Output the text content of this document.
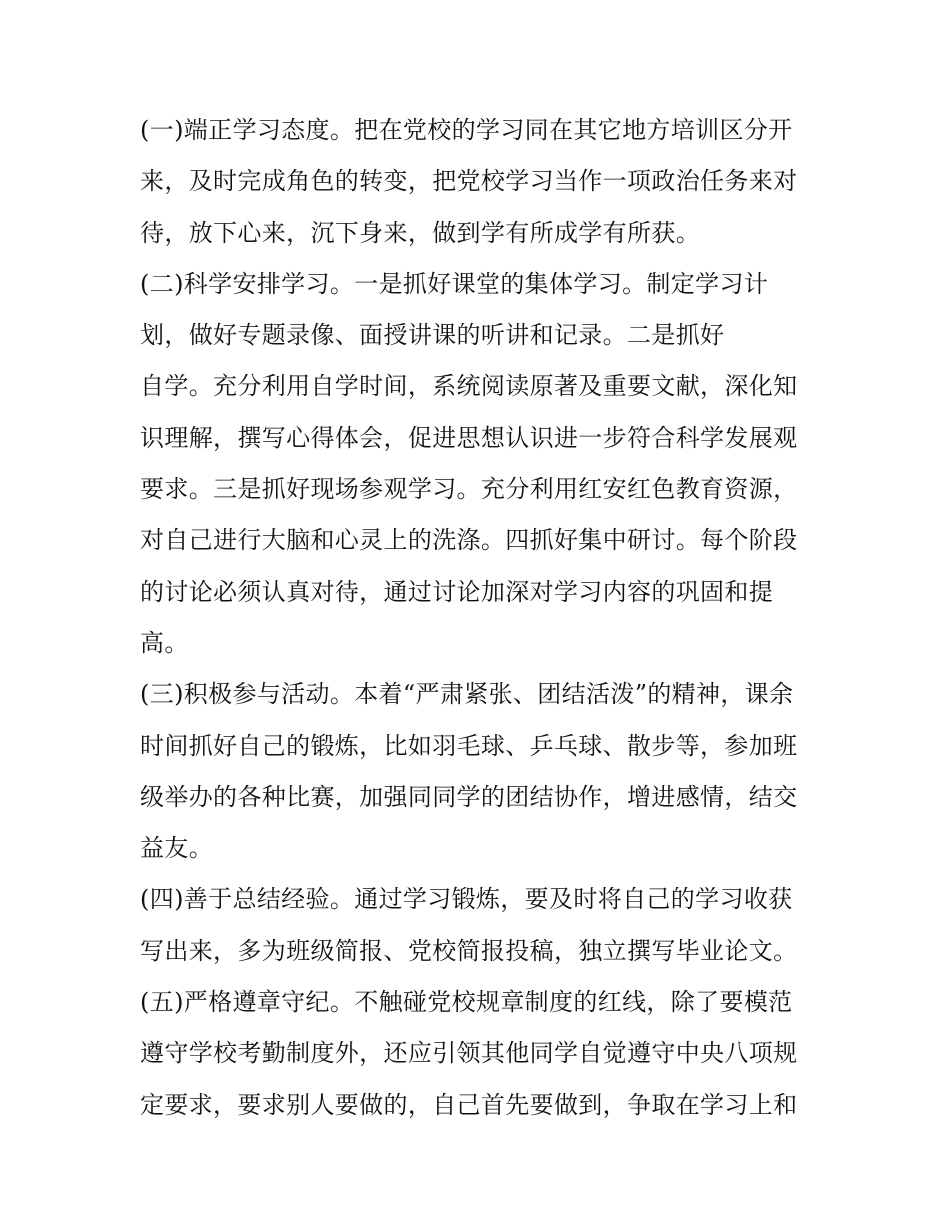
(一)端正学习态度。把在党校的学习同在其它地方培训区分开
来，及时完成角色的转变，把党校学习当作一项政治任务来对
待，放下心来，沉下身来，做到学有所成学有所获。
(二)科学安排学习。一是抓好课堂的集体学习。制定学习计
划，做好专题录像、面授讲课的听讲和记录。二是抓好
自学。充分利用自学时间，系统阅读原著及重要文献，深化知
识理解，撰写心得体会，促进思想认识进一步符合科学发展观
要求。三是抓好现场参观学习。充分利用红安红色教育资源，
对自己进行大脑和心灵上的洗涤。四抓好集中研讨。每个阶段
的讨论必须认真对待，通过讨论加深对学习内容的巩固和提
高。
(三)积极参与活动。本着“严肃紧张、团结活泼”的精神，课余
时间抓好自己的锻炼，比如羽毛球、乒乓球、散步等，参加班
级举办的各种比赛，加强同同学的团结协作，增进感情，结交
益友。
(四)善于总结经验。通过学习锻炼，要及时将自己的学习收获
写出来，多为班级简报、党校简报投稿，独立撰写毕业论文。
(五)严格遵章守纪。不触碰党校规章制度的红线，除了要模范
遵守学校考勤制度外，还应引领其他同学自觉遵守中央八项规
定要求，要求别人要做的，自己首先要做到，争取在学习上和
